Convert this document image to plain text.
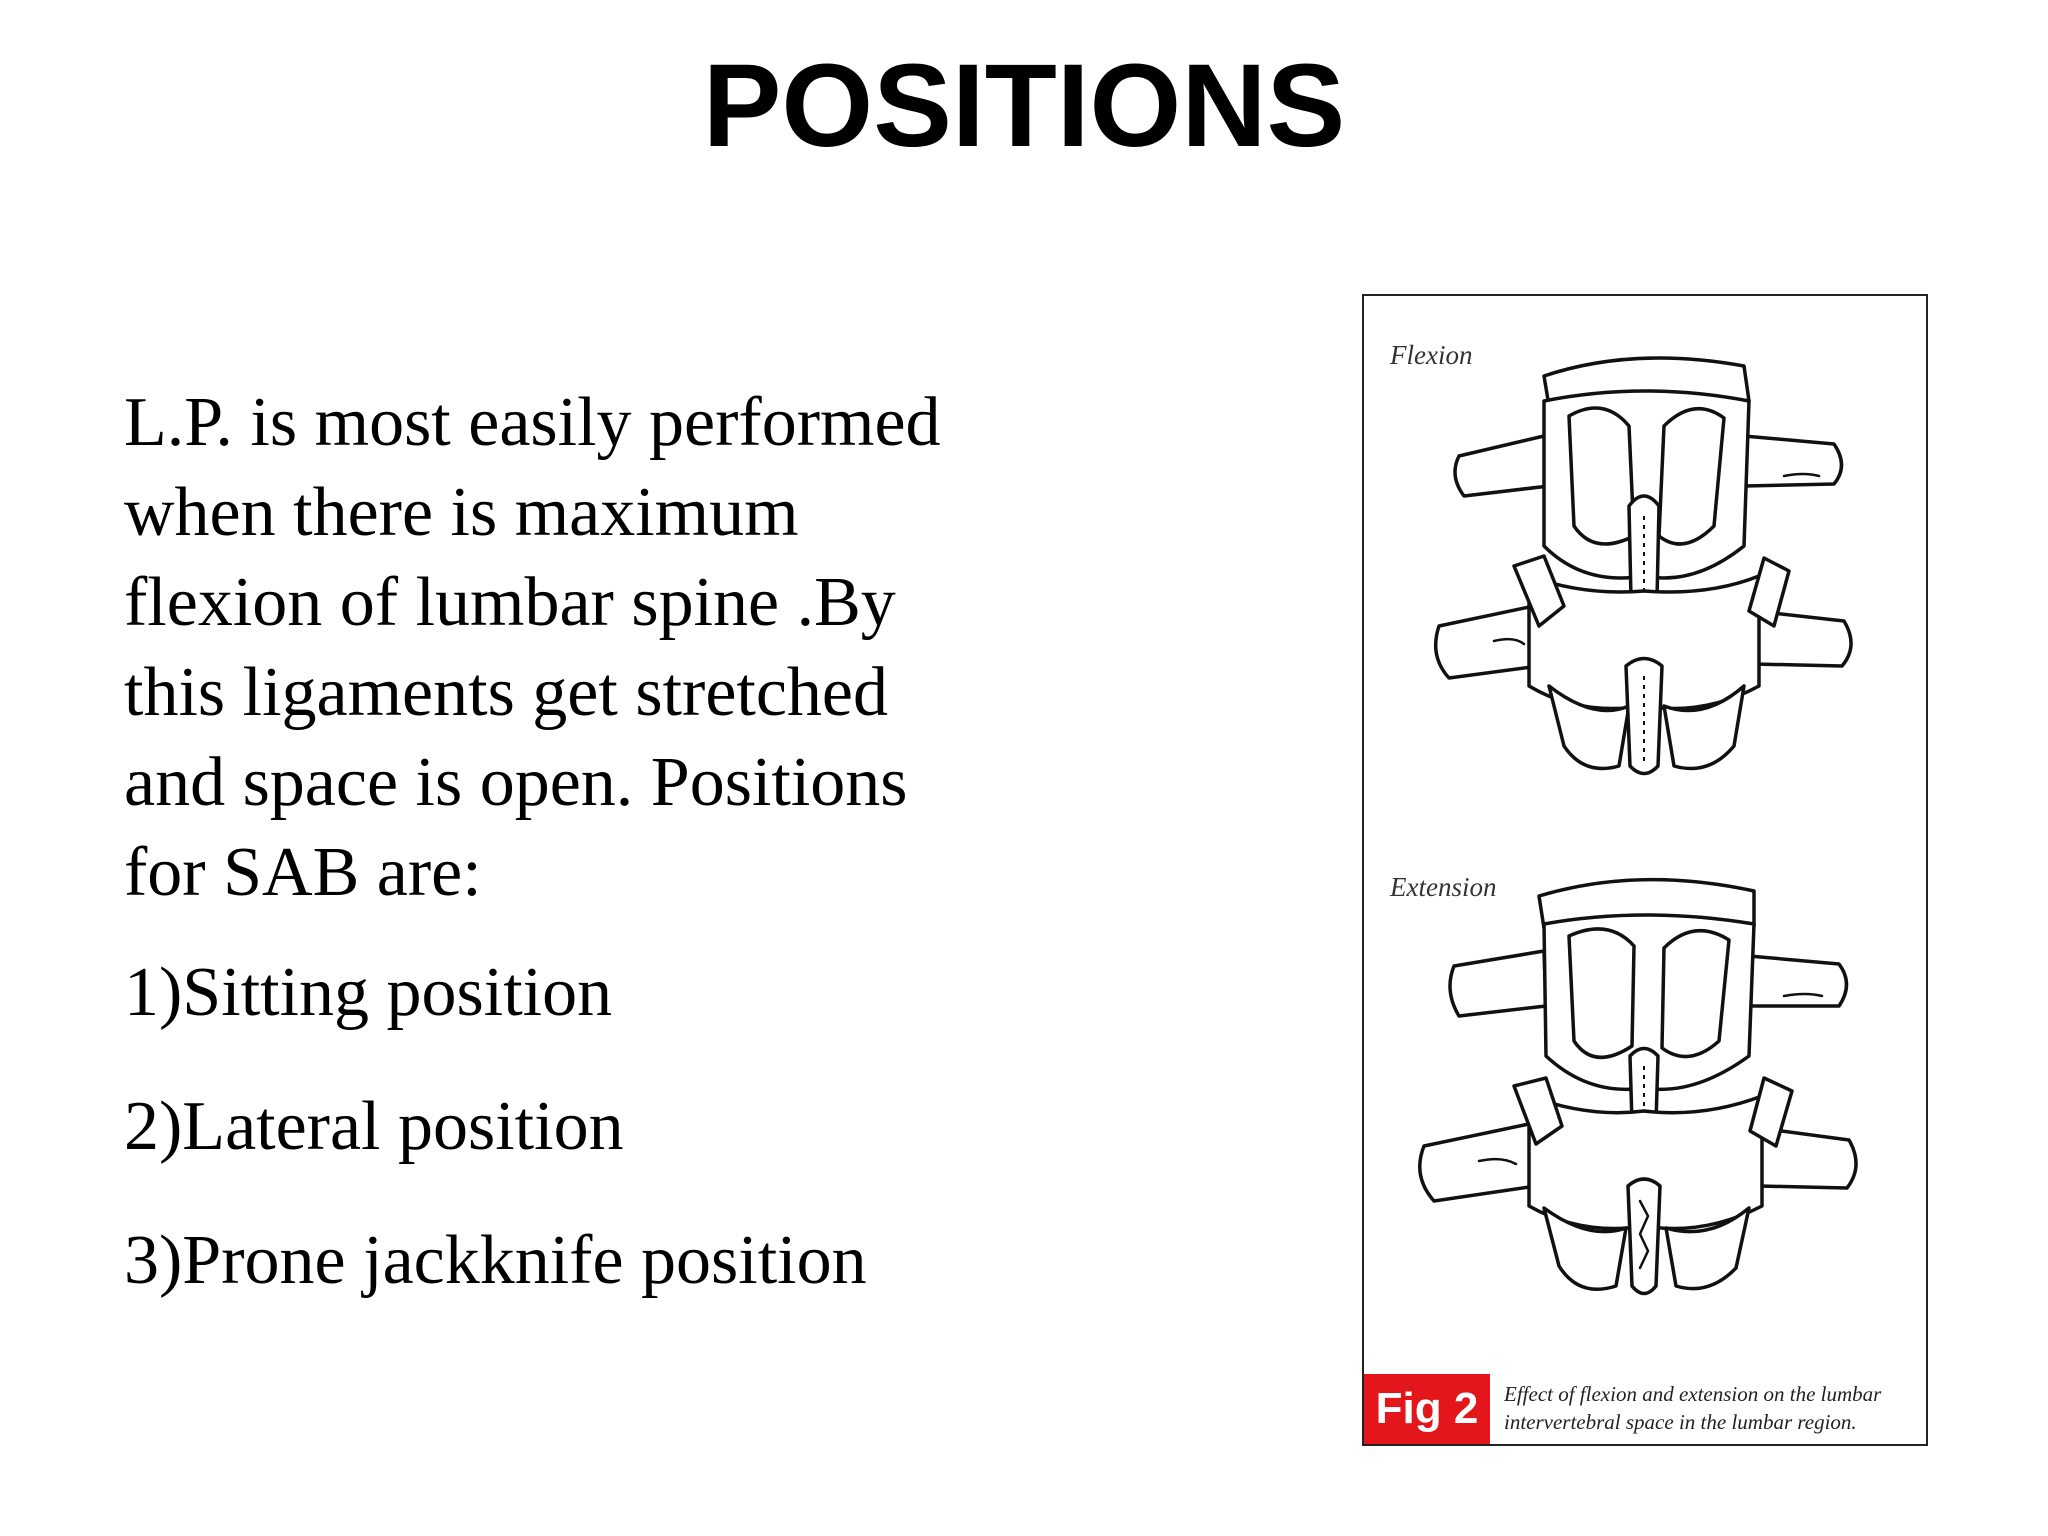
POSITIONS

L.P. is most easily performed when there is maximum flexion of lumbar spine .By this ligaments get stretched and space is open. Positions for SAB are:

1)Sitting position

2)Lateral position

3)Prone jackknife position

Flexion
Extension
Fig 2	Effect of flexion and extension on the lumbar intervertebral space in the lumbar region.
